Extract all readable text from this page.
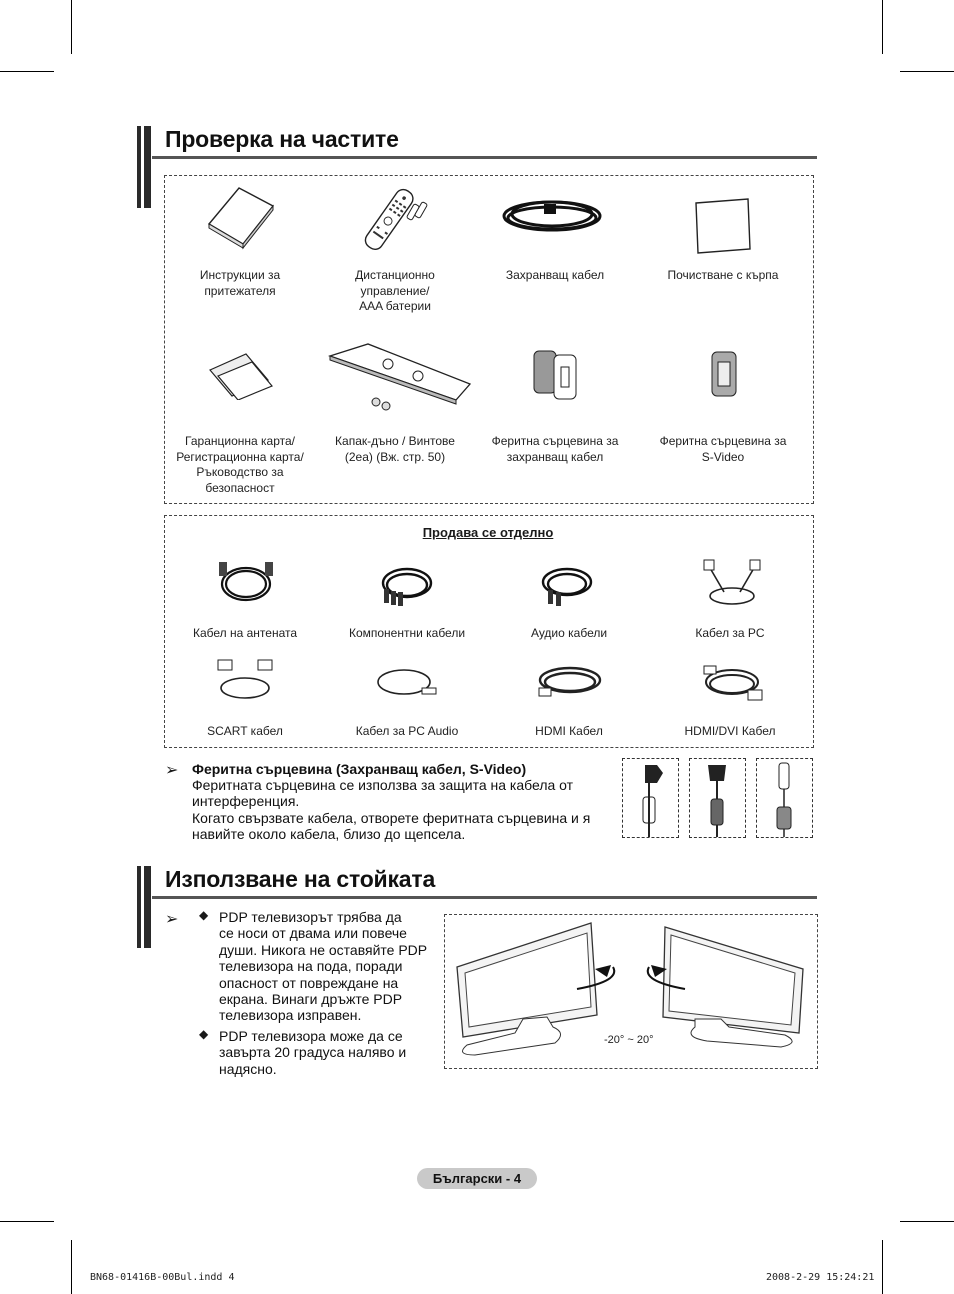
Проверка на частите
Инструкции за
притежателя
Дистанционно
управление/
AAA батерии
Захранващ кабел	Почистване с кърпа
Гаранционна карта/
Регистрационна карта/
Ръководство за
безопасност
Капак-дъно / Винтове
(2еа) (Вж. стр. 50)
Феритна сърцевина за
захранващ кабел
Феритна сърцевина за
S-Video
Продава се отделно
Кабел на антената	Компонентни кабели	Аудио кабели	Кабел за PC
SCART кабел	Кабел за PC Audio	HDMI Кабел	HDMI/DVI Кабел
➢ Феритна сърцевина (Захранващ кабел, S-Video)
Феритната сърцевина се използва за защита на кабела от
интерференция.
Когато свързвате кабела, отворете феритната сърцевина и я
навийте около кабела, близо до щепсела.
Използване на стойката
➢ ◆
◆
PDP телевизорът трябва да
се носи от двама или повече
души. Никога не оставяйте PDP
телевизора на пода, поради
опасност от повреждане на
екрана. Винаги дръжте PDP
телевизора изправен.
PDP телевизора може да се
завърта 20 градуса наляво и
надясно.
-20° ~ 20°
Български - 4
BN68-01416B-00Bul.indd 4	2008-2-29 15:24:21
